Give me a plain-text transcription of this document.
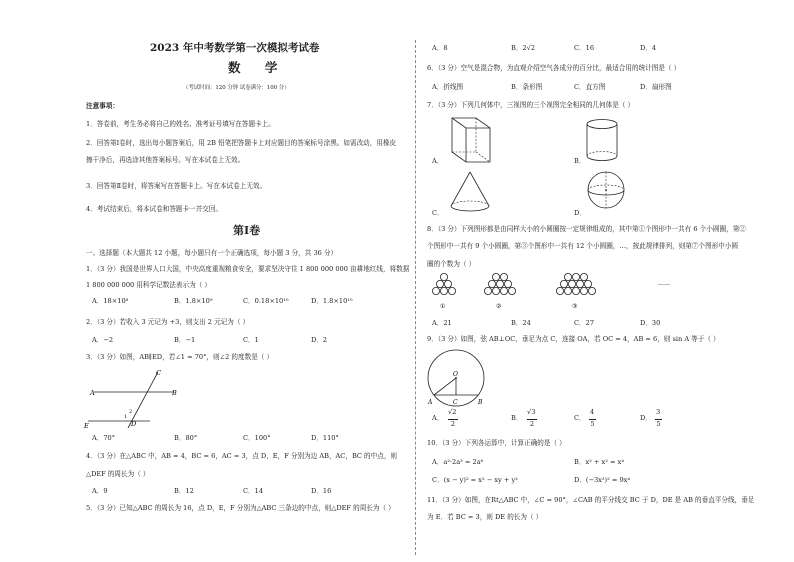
2023 年中考数学第一次模拟考试卷
数 学
（考试时间：120 分钟 试卷满分：100 分）
注意事项：
1．答卷前，考生务必将自己的姓名、准考证号填写在答题卡上。
2．回答第Ⅰ卷时，选出每小题答案后，用 2B 铅笔把答题卡上对应题目的答案标号涂黑。如需改动，用橡皮
擦干净后，再选涂其他答案标号。写在本试卷上无效。
3．回答第Ⅱ卷时，将答案写在答题卡上。写在本试卷上无效。
4．考试结束后，将本试卷和答题卡一并交回。
第Ⅰ卷
一、选择题（本大题共 12 小题，每小题只有一个正确选项，每小题 3 分，共 36 分）
1．（3 分）我国是世界人口大国，中央高度重视粮食安全，要求坚决守住 1 800 000 000 亩耕地红线，将数据
1 800 000 000 用科学记数法表示为（ ）
A．18×10⁸	B．1.8×10⁹	C．0.18×10¹⁰	D．1.8×10¹⁰
2．（3 分）若收入 3 元记为 +3，则支出 2 元记为（ ）
A．−2	B．−1	C．1	D．2
3．（3 分）如图，AB∥ED，若∠1 = 70°，则∠2 的度数是（ ）
A	B
C
E	D
1
2
A．70°	B．80°	C．100°	D．110°
4．（3 分）在△ABC 中，AB = 4，BC = 6，AC = 3，点 D，E，F 分别为边 AB，AC，BC 的中点，则
△DEF 的周长为（ ）
A．9	B．12	C．14	D．16
5．（3 分）已知△ABC 的周长为 16，点 D，E，F 分别为△ABC 三条边的中点，则△DEF 的周长为（ ）
A．8	B．2√2	C．16	D．4
6．（3 分）空气是混合物，为直观介绍空气各成分的百分比，最适合用的统计图是（ ）
A．折线图	B．条形图	C．直方图	D．扇形图
7．（3 分）下列几何体中，三视图的三个视图完全相同的几何体是（ ）
A．	B．
C．	D．
8．（3 分）下列图形都是由同样大小的小圆圈按一定规律组成的，其中第①个图形中一共有 6 个小圆圈，第②
个图形中一共有 9 个小圆圈，第③个图形中一共有 12 个小圆圈，…，按此规律排列，则第⑦个图形中小圆
圈的个数为（ ）
①	②	③
……
A．21	B．24	C．27	D．30
9．（3 分）如图，弦 AB⊥OC，垂足为点 C，连接 OA，若 OC = 4，AB = 6，则 sin A 等于（ ）
O
A	C	B
A．
√2
2
B．
√3
2
C．
4
5
D．
3
5
10．（3 分）下列各运算中，计算正确的是（ ）
A．a²·2a³ = 2a⁶	B．x² + x² = x⁴
C．(x − y)² = x² − xy + y²	D．(−3x²)² = 9x⁴
11．（3 分）如图，在Rt△ABC 中，∠C = 90°，∠CAB 的平分线交 BC 于 D，DE 是 AB 的垂直平分线，垂足
为 E．若 BC = 3，则 DE 的长为（ ）
